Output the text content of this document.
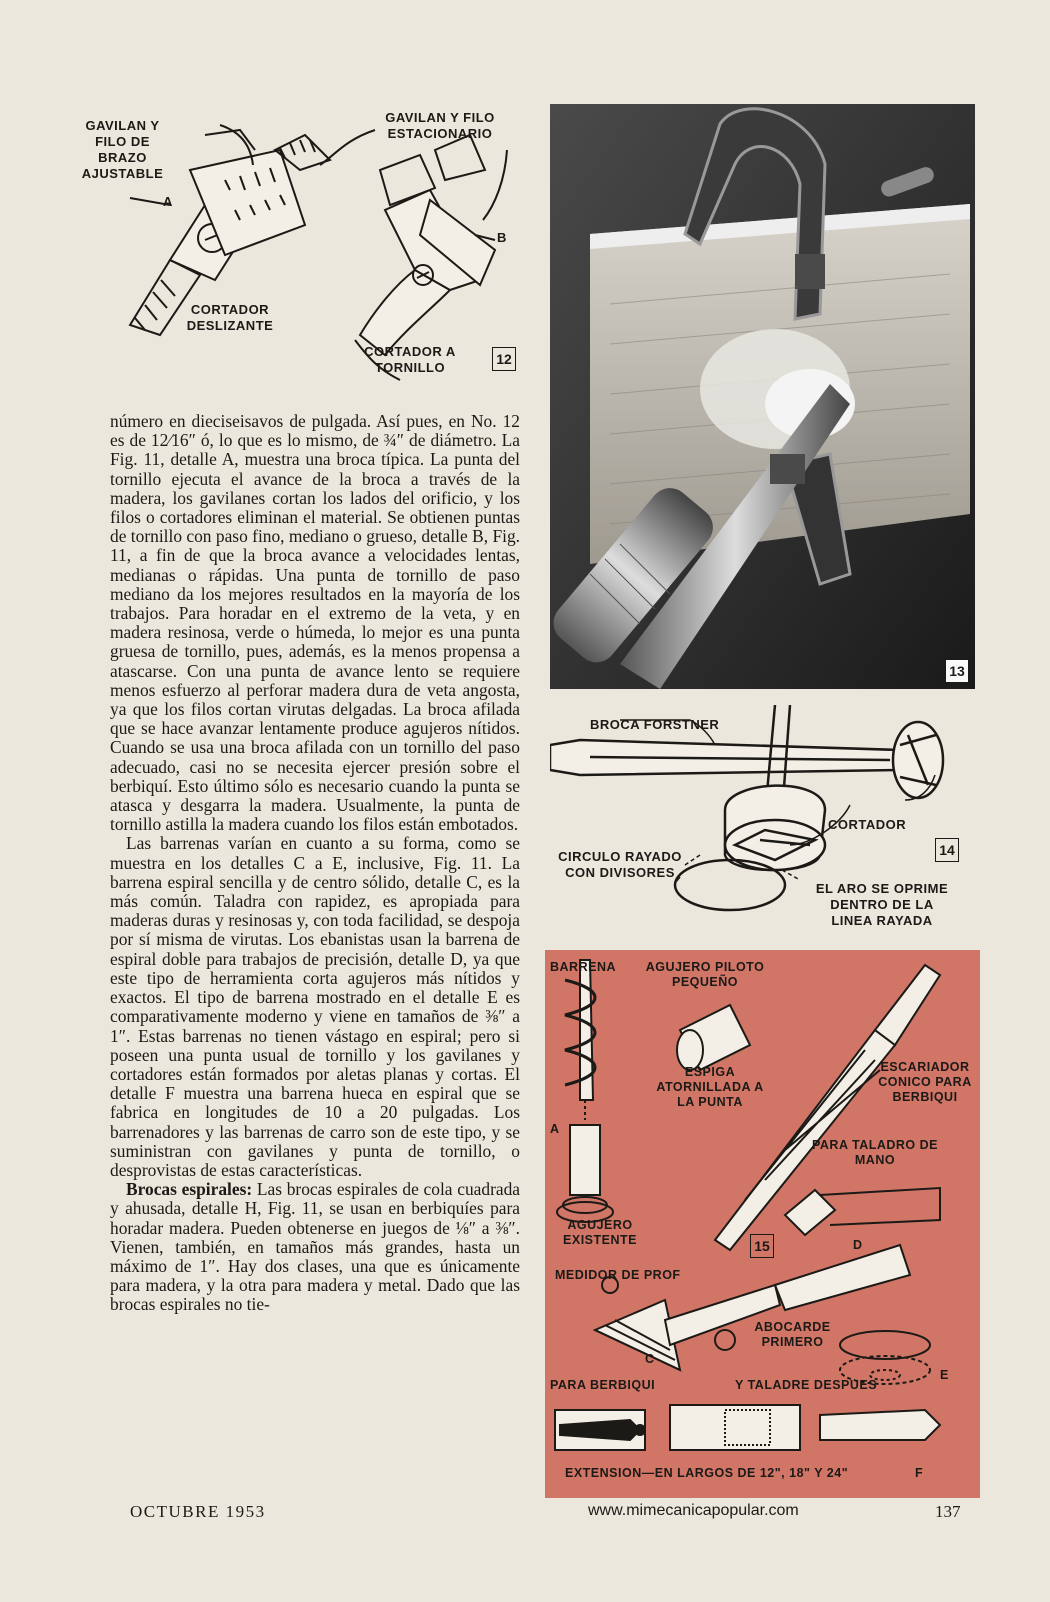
GAVILAN Y FILO DE BRAZO AJUSTABLE
GAVILAN Y FILO ESTACIONARIO
A
B
CORTADOR DESLIZANTE
CORTADOR A TORNILLO
12
13
BROCA FORSTNER
CORTADOR
CIRCULO RAYADO CON DIVISORES
EL ARO SE OPRIME DENTRO DE LA LINEA RAYADA
14
BARRENA AGUJERO PILOTO PEQUEÑO
ESPIGA ATORNILLADA A LA PUNTA
A
AGUJERO EXISTENTE
ESCARIADOR CONICO PARA BERBIQUI
PARA TALADRO DE MANO
D
15
MEDIDOR DE PROF
ABOCARDE PRIMERO
C
E
PARA BERBIQUI	Y TALADRE DESPUES
EXTENSION—EN LARGOS DE 12", 18" Y 24"	F

número en dieciseisavos de pulgada. Así pues, en No. 12 es de 12⁄16″ ó, lo que es lo mismo, de ¾″ de diámetro. La Fig. 11, detalle A, muestra una broca típica. La punta del tornillo ejecuta el avance de la broca a través de la madera, los gavilanes cortan los lados del orificio, y los filos o cortadores eliminan el material. Se obtienen puntas de tornillo con paso fino, mediano o grueso, detalle B, Fig. 11, a fin de que la broca avance a velocidades lentas, medianas o rápidas. Una punta de tornillo de paso mediano da los mejores resultados en la mayoría de los trabajos. Para horadar en el extremo de la veta, y en madera resinosa, verde o húmeda, lo mejor es una punta gruesa de tornillo, pues, además, es la menos propensa a atascarse. Con una punta de avance lento se requiere menos esfuerzo al perforar madera dura de veta angosta, ya que los filos cortan virutas delgadas. La broca afilada que se hace avanzar lentamente produce agujeros nítidos. Cuando se usa una broca afilada con un tornillo del paso adecuado, casi no se necesita ejercer presión sobre el berbiquí. Esto último sólo es necesario cuando la punta se atasca y desgarra la madera. Usualmente, la punta de tornillo astilla la madera cuando los filos están embotados.

Las barrenas varían en cuanto a su forma, como se muestra en los detalles C a E, inclusive, Fig. 11. La barrena espiral sencilla y de centro sólido, detalle C, es la más común. Taladra con rapidez, es apropiada para maderas duras y resinosas y, con toda facilidad, se despoja por sí misma de virutas. Los ebanistas usan la barrena de espiral doble para trabajos de precisión, detalle D, ya que este tipo de herramienta corta agujeros más nítidos y exactos. El tipo de barrena mostrado en el detalle E es comparativamente moderno y viene en tamaños de ⅜″ a 1″. Estas barrenas no tienen vástago en espiral; pero si poseen una punta usual de tornillo y los gavilanes y cortadores están formados por aletas planas y cortas. El detalle F muestra una barrena hueca en espiral que se fabrica en longitudes de 10 a 20 pulgadas. Los barrenadores y las barrenas de carro son de este tipo, y se suministran con gavilanes y punta de tornillo, o desprovistas de estas características.

Brocas espirales: Las brocas espirales de cola cuadrada y ahusada, detalle H, Fig. 11, se usan en berbiquíes para horadar madera. Pueden obtenerse en juegos de ⅛″ a ⅜″. Vienen, también, en tamaños más grandes, hasta un máximo de 1″. Hay dos clases, una que es únicamente para madera, y la otra para madera y metal. Dado que las brocas espirales no tie-

OCTUBRE 1953	www.mimecanicapopular.com	137
